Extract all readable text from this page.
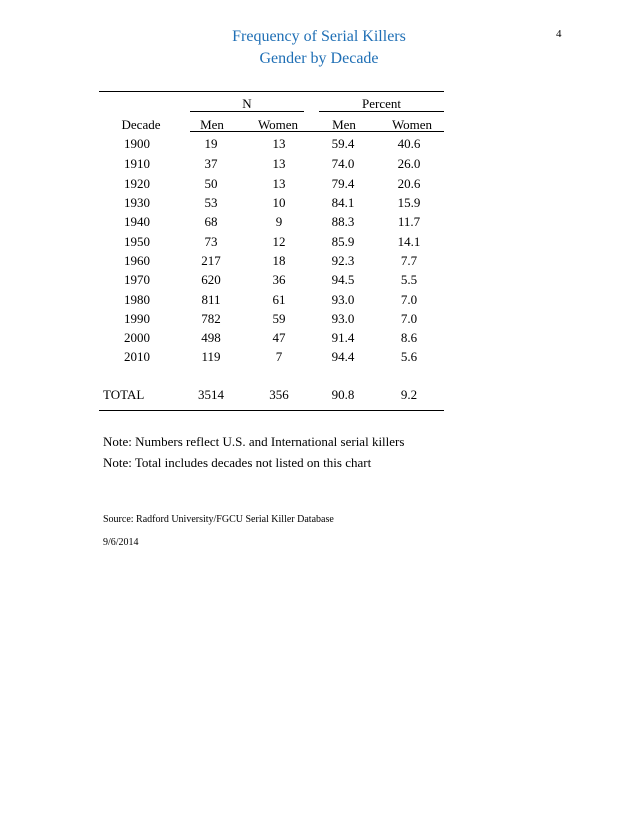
4
Frequency of Serial Killers
Gender by Decade
N	Percent
Decade	Men	Women	Men	Women
1900	19	13	59.4	40.6
1910	37	13	74.0	26.0
1920	50	13	79.4	20.6
1930	53	10	84.1	15.9
1940	68	9	88.3	11.7
1950	73	12	85.9	14.1
1960	217	18	92.3	7.7
1970	620	36	94.5	5.5
1980	811	61	93.0	7.0
1990	782	59	93.0	7.0
2000	498	47	91.4	8.6
2010	119	7	94.4	5.6
TOTAL	3514	356	90.8	9.2
Note: Numbers reflect U.S. and International serial killers
Note: Total includes decades not listed on this chart
Source: Radford University/FGCU Serial Killer Database
9/6/2014
